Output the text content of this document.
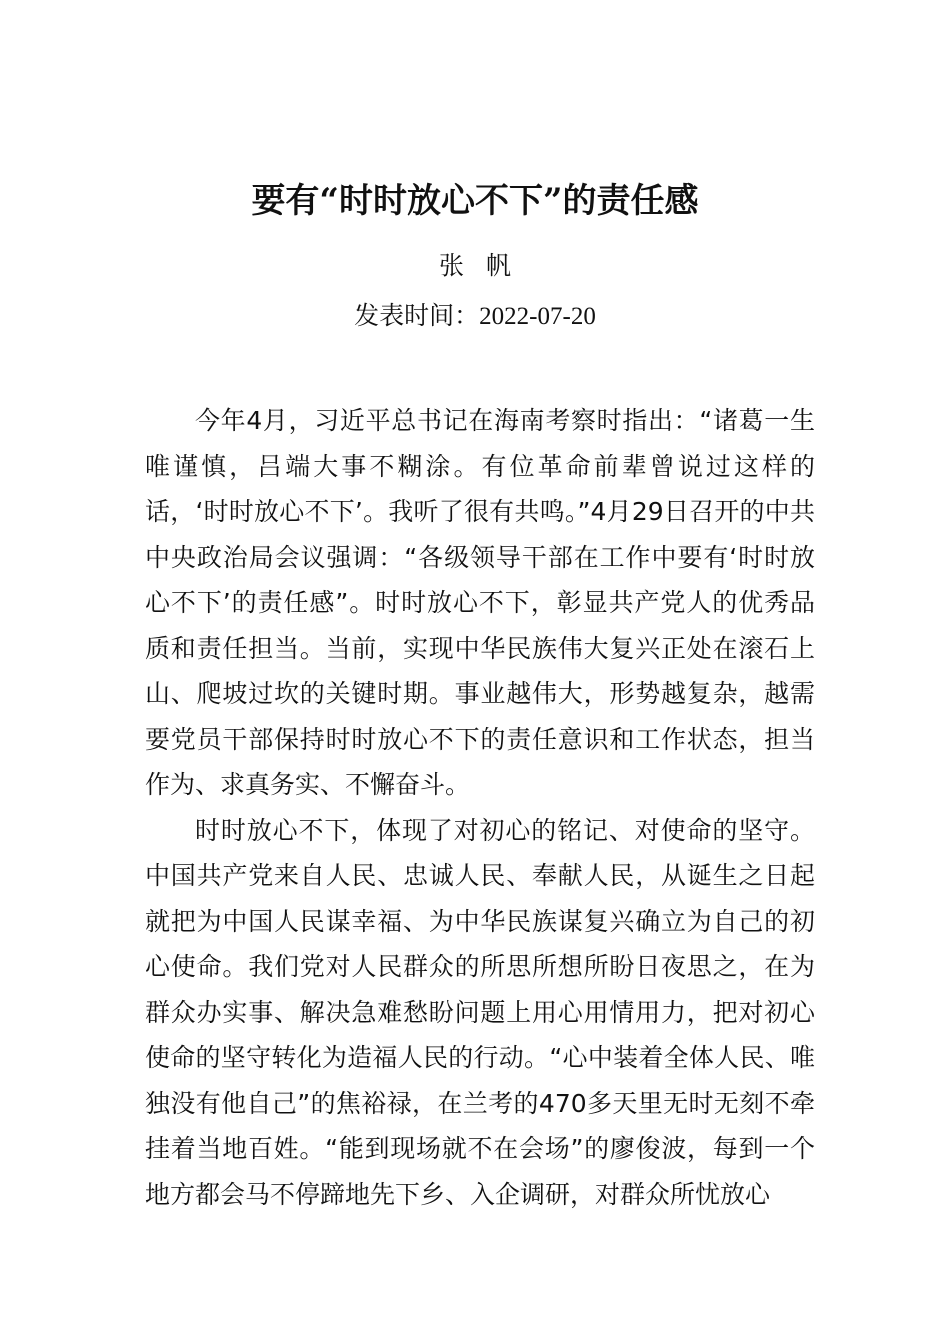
要有“时时放心不下”的责任感
张帆
发表时间：2022-07-20

今年4月，习近平总书记在海南考察时指出：“诸葛一生唯谨慎，吕端大事不糊涂。有位革命前辈曾说过这样的话，‘时时放心不下’。我听了很有共鸣。”4月29日召开的中共中央政治局会议强调：“各级领导干部在工作中要有‘时时放心不下’的责任感”。时时放心不下，彰显共产党人的优秀品质和责任担当。当前，实现中华民族伟大复兴正处在滚石上山、爬坡过坎的关键时期。事业越伟大，形势越复杂，越需要党员干部保持时时放心不下的责任意识和工作状态，担当作为、求真务实、不懈奋斗。

时时放心不下，体现了对初心的铭记、对使命的坚守。中国共产党来自人民、忠诚人民、奉献人民，从诞生之日起就把为中国人民谋幸福、为中华民族谋复兴确立为自己的初心使命。我们党对人民群众的所思所想所盼日夜思之，在为群众办实事、解决急难愁盼问题上用心用情用力，把对初心使命的坚守转化为造福人民的行动。“心中装着全体人民、唯独没有他自己”的焦裕禄，在兰考的470多天里无时无刻不牵挂着当地百姓。“能到现场就不在会场”的廖俊波，每到一个地方都会马不停蹄地先下乡、入企调研，对群众所忧放心
